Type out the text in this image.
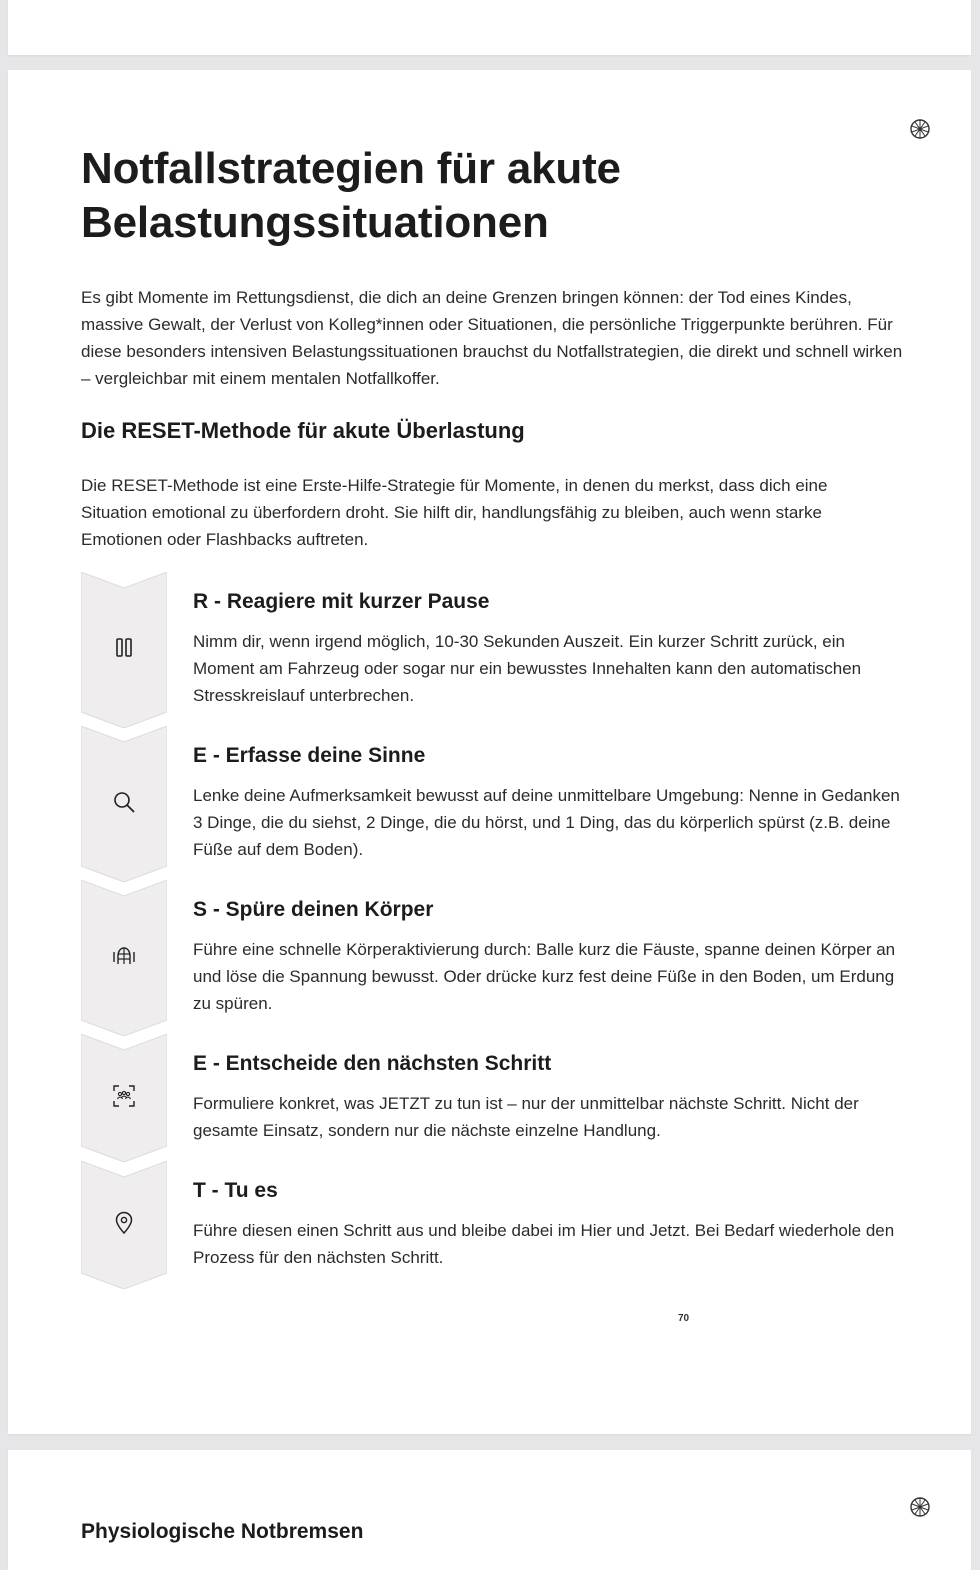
Notfallstrategien für akute Belastungssituationen

Es gibt Momente im Rettungsdienst, die dich an deine Grenzen bringen können: der Tod eines Kindes, massive Gewalt, der Verlust von Kolleg*innen oder Situationen, die persönliche Triggerpunkte berühren. Für diese besonders intensiven Belastungssituationen brauchst du Notfallstrategien, die direkt und schnell wirken – vergleichbar mit einem mentalen Notfallkoffer.

Die RESET-Methode für akute Überlastung

Die RESET-Methode ist eine Erste-Hilfe-Strategie für Momente, in denen du merkst, dass dich eine Situation emotional zu überfordern droht. Sie hilft dir, handlungsfähig zu bleiben, auch wenn starke Emotionen oder Flashbacks auftreten.

R - Reagiere mit kurzer Pause

Nimm dir, wenn irgend möglich, 10-30 Sekunden Auszeit. Ein kurzer Schritt zurück, ein Moment am Fahrzeug oder sogar nur ein bewusstes Innehalten kann den automatischen Stresskreislauf unterbrechen.

E - Erfasse deine Sinne

Lenke deine Aufmerksamkeit bewusst auf deine unmittelbare Umgebung: Nenne in Gedanken 3 Dinge, die du siehst, 2 Dinge, die du hörst, und 1 Ding, das du körperlich spürst (z.B. deine Füße auf dem Boden).

S - Spüre deinen Körper

Führe eine schnelle Körperaktivierung durch: Balle kurz die Fäuste, spanne deinen Körper an und löse die Spannung bewusst. Oder drücke kurz fest deine Füße in den Boden, um Erdung zu spüren.

E - Entscheide den nächsten Schritt

Formuliere konkret, was JETZT zu tun ist – nur der unmittelbar nächste Schritt. Nicht der gesamte Einsatz, sondern nur die nächste einzelne Handlung.

T - Tu es

Führe diesen einen Schritt aus und bleibe dabei im Hier und Jetzt. Bei Bedarf wiederhole den Prozess für den nächsten Schritt.

70
Physiologische Notbremsen
